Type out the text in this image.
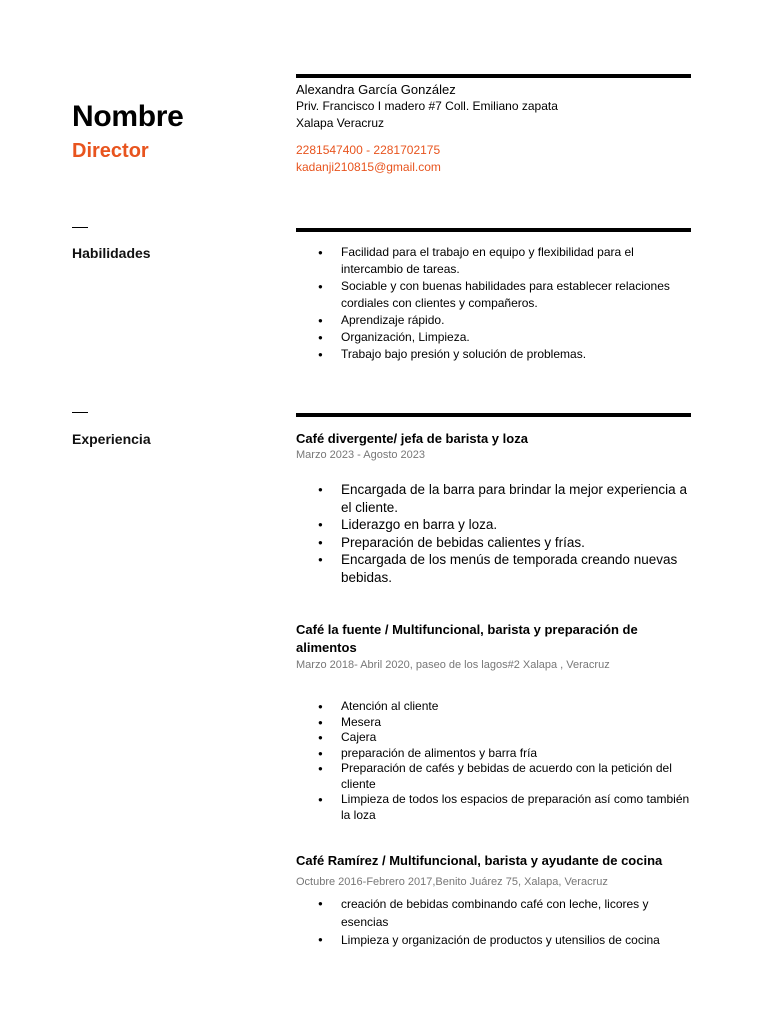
Nombre
Director
Alexandra García González
Priv. Francisco I madero #7 Coll. Emiliano zapata
Xalapa Veracruz
2281547400 - 2281702175
kadanji210815@gmail.com
Habilidades
●	Facilidad para el trabajo en equipo y flexibilidad para el intercambio de tareas.
● Sociable y con buenas habilidades para establecer relaciones cordiales con clientes y compañeros.
● Aprendizaje rápido.
● Organización, Limpieza.
● Trabajo bajo presión y solución de problemas.
Experiencia	Café divergente/ jefa de barista y loza
Marzo 2023 - Agosto 2023
● Encargada de la barra para brindar la mejor experiencia a el cliente.
● Liderazgo en barra y loza.
● Preparación de bebidas calientes y frías.
● Encargada de los menús de temporada creando nuevas bebidas.
Café la fuente / Multifuncional, barista y preparación de alimentos
Marzo 2018- Abril 2020, paseo de los lagos#2 Xalapa , Veracruz
● Atención al cliente
● Mesera
● Cajera
● preparación de alimentos y barra fría
● Preparación de cafés y bebidas de acuerdo con la petición del cliente
● Limpieza de todos los espacios de preparación así como también la loza
Café Ramírez / Multifuncional, barista y ayudante de cocina
Octubre 2016-Febrero 2017,Benito Juárez 75, Xalapa, Veracruz
● creación de bebidas combinando café con leche, licores y esencias
● Limpieza y organización de productos y utensilios de cocina
